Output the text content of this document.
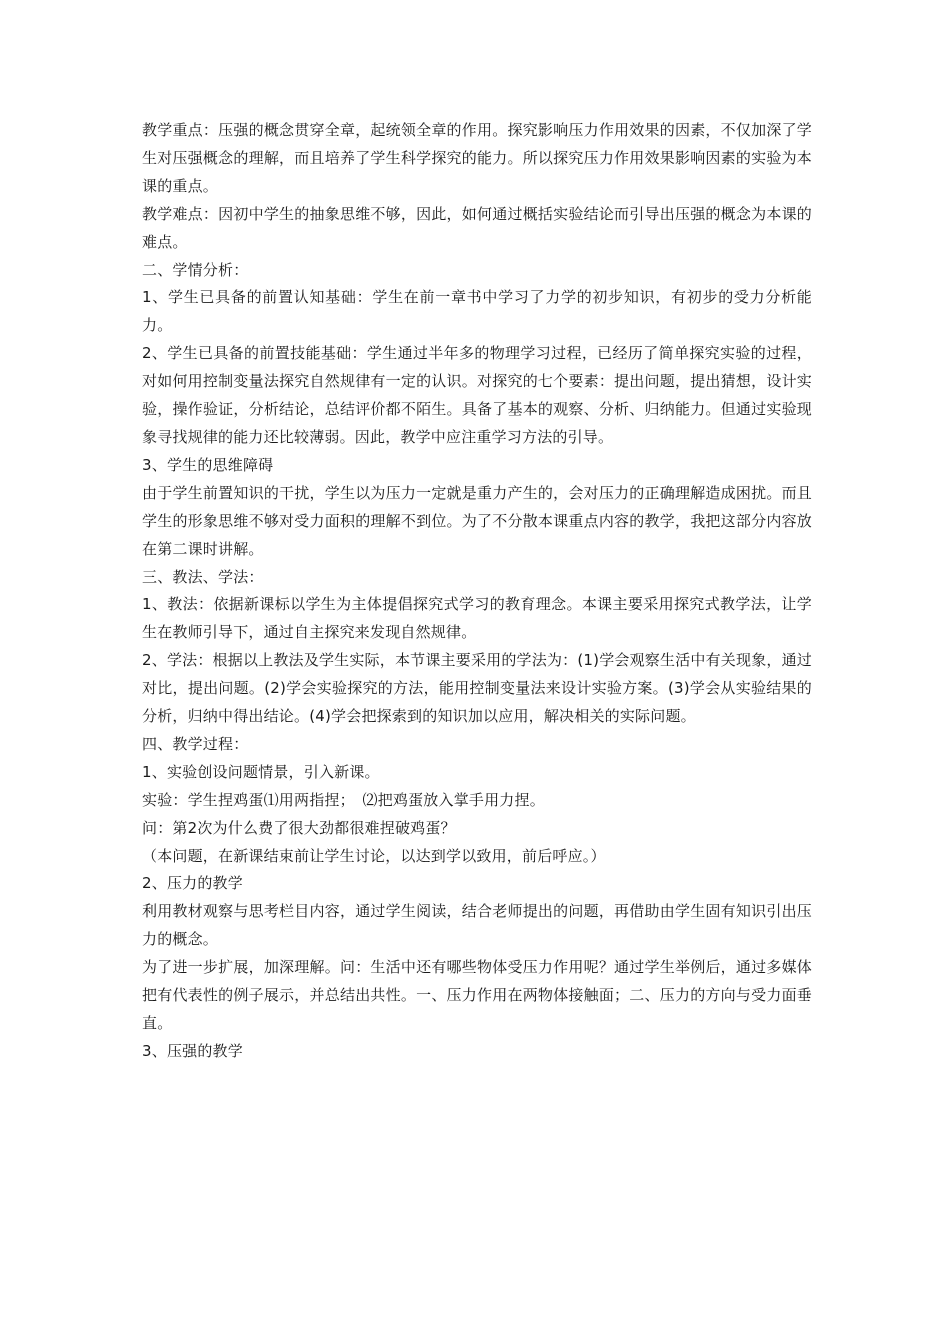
教学重点：压强的概念贯穿全章，起统领全章的作用。探究影响压力作用效果的因素，不仅加深了学生对压强概念的理解，而且培养了学生科学探究的能力。所以探究压力作用效果影响因素的实验为本课的重点。

教学难点：因初中学生的抽象思维不够，因此，如何通过概括实验结论而引导出压强的概念为本课的难点。

二、学情分析：

1、学生已具备的前置认知基础：学生在前一章书中学习了力学的初步知识，有初步的受力分析能力。

2、学生已具备的前置技能基础：学生通过半年多的物理学习过程，已经历了简单探究实验的过程，对如何用控制变量法探究自然规律有一定的认识。对探究的七个要素：提出问题，提出猜想，设计实验，操作验证，分析结论，总结评价都不陌生。具备了基本的观察、分析、归纳能力。但通过实验现象寻找规律的能力还比较薄弱。因此，教学中应注重学习方法的引导。

3、学生的思维障碍

由于学生前置知识的干扰，学生以为压力一定就是重力产生的，会对压力的正确理解造成困扰。而且学生的形象思维不够对受力面积的理解不到位。为了不分散本课重点内容的教学，我把这部分内容放在第二课时讲解。

三、教法、学法：

1、教法：依据新课标以学生为主体提倡探究式学习的教育理念。本课主要采用探究式教学法，让学生在教师引导下，通过自主探究来发现自然规律。

2、学法：根据以上教法及学生实际，本节课主要采用的学法为：(1)学会观察生活中有关现象，通过对比，提出问题。(2)学会实验探究的方法，能用控制变量法来设计实验方案。(3)学会从实验结果的分析，归纳中得出结论。(4)学会把探索到的知识加以应用，解决相关的实际问题。

四、教学过程：

1、实验创设问题情景，引入新课。

实验：学生捏鸡蛋⑴用两指捏；　⑵把鸡蛋放入掌手用力捏。

问：第2次为什么费了很大劲都很难捏破鸡蛋？

（本问题，在新课结束前让学生讨论，以达到学以致用，前后呼应。）

2、压力的教学

利用教材观察与思考栏目内容，通过学生阅读，结合老师提出的问题，再借助由学生固有知识引出压力的概念。

为了进一步扩展，加深理解。问：生活中还有哪些物体受压力作用呢？通过学生举例后，通过多媒体把有代表性的例子展示，并总结出共性。一、压力作用在两物体接触面；二、压力的方向与受力面垂直。

3、压强的教学
